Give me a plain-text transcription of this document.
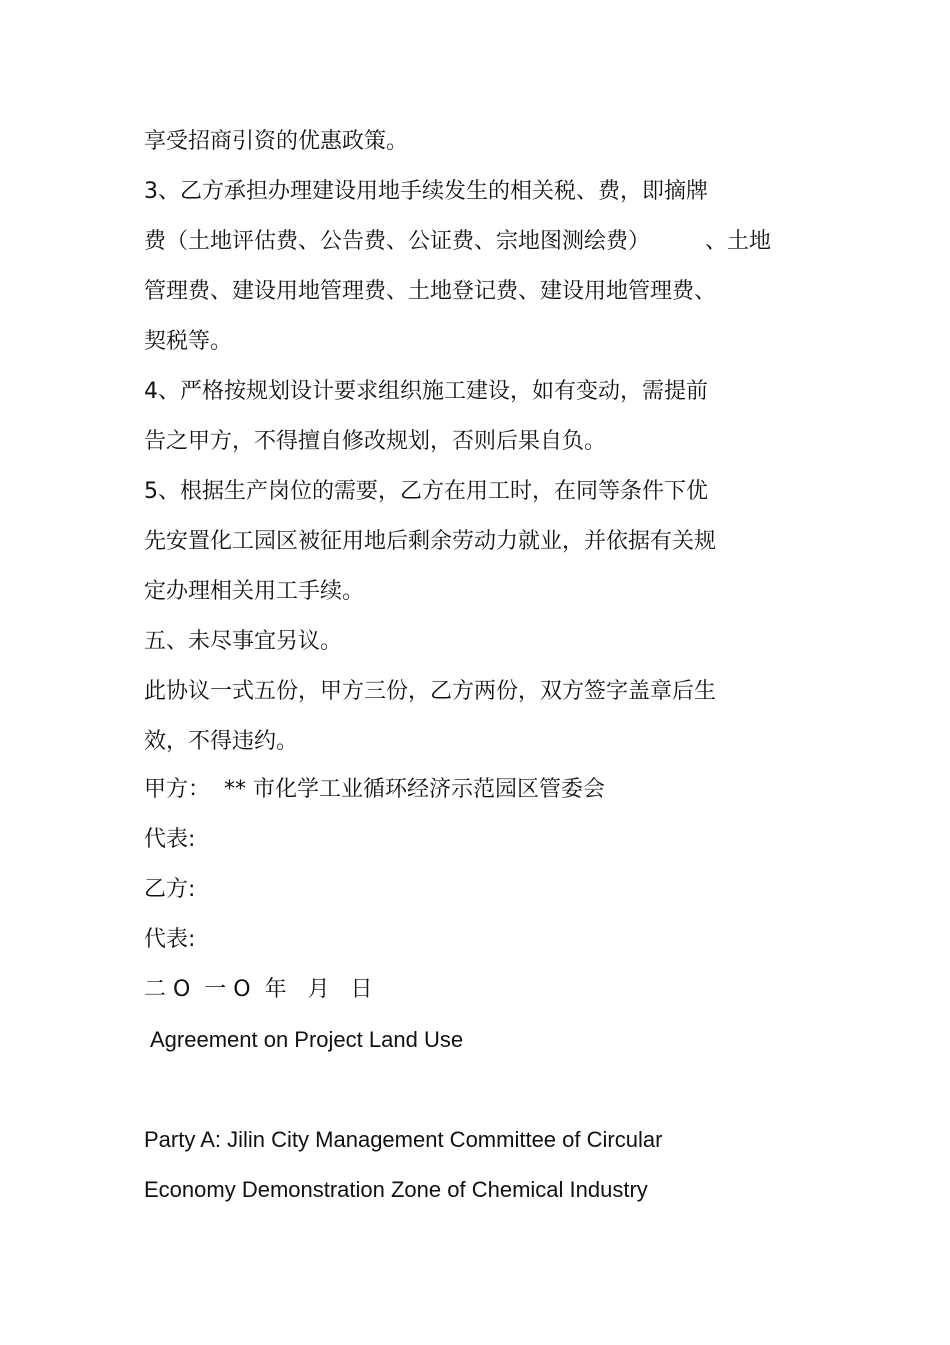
享受招商引资的优惠政策。
3、乙方承担办理建设用地手续发生的相关税、费，即摘牌
费（土地评估费、公告费、公证费、宗地图测绘费）　　　、土地
管理费、建设用地管理费、土地登记费、建设用地管理费、
契税等。
4、严格按规划设计要求组织施工建设，如有变动，需提前
告之甲方，不得擅自修改规划，否则后果自负。
5、根据生产岗位的需要，乙方在用工时，在同等条件下优
先安置化工园区被征用地后剩余劳动力就业，并依据有关规
定办理相关用工手续。
五、未尽事宜另议。
此协议一式五份，甲方三份，乙方两份，双方签字盖章后生
效，不得违约。
甲方：  ** 市化学工业循环经济示范园区管委会
代表:
乙方:
代表:
二 O  一 O  年   月   日
Agreement on Project Land Use
Party A: Jilin City Management Committee of Circular
Economy Demonstration Zone of Chemical Industry
